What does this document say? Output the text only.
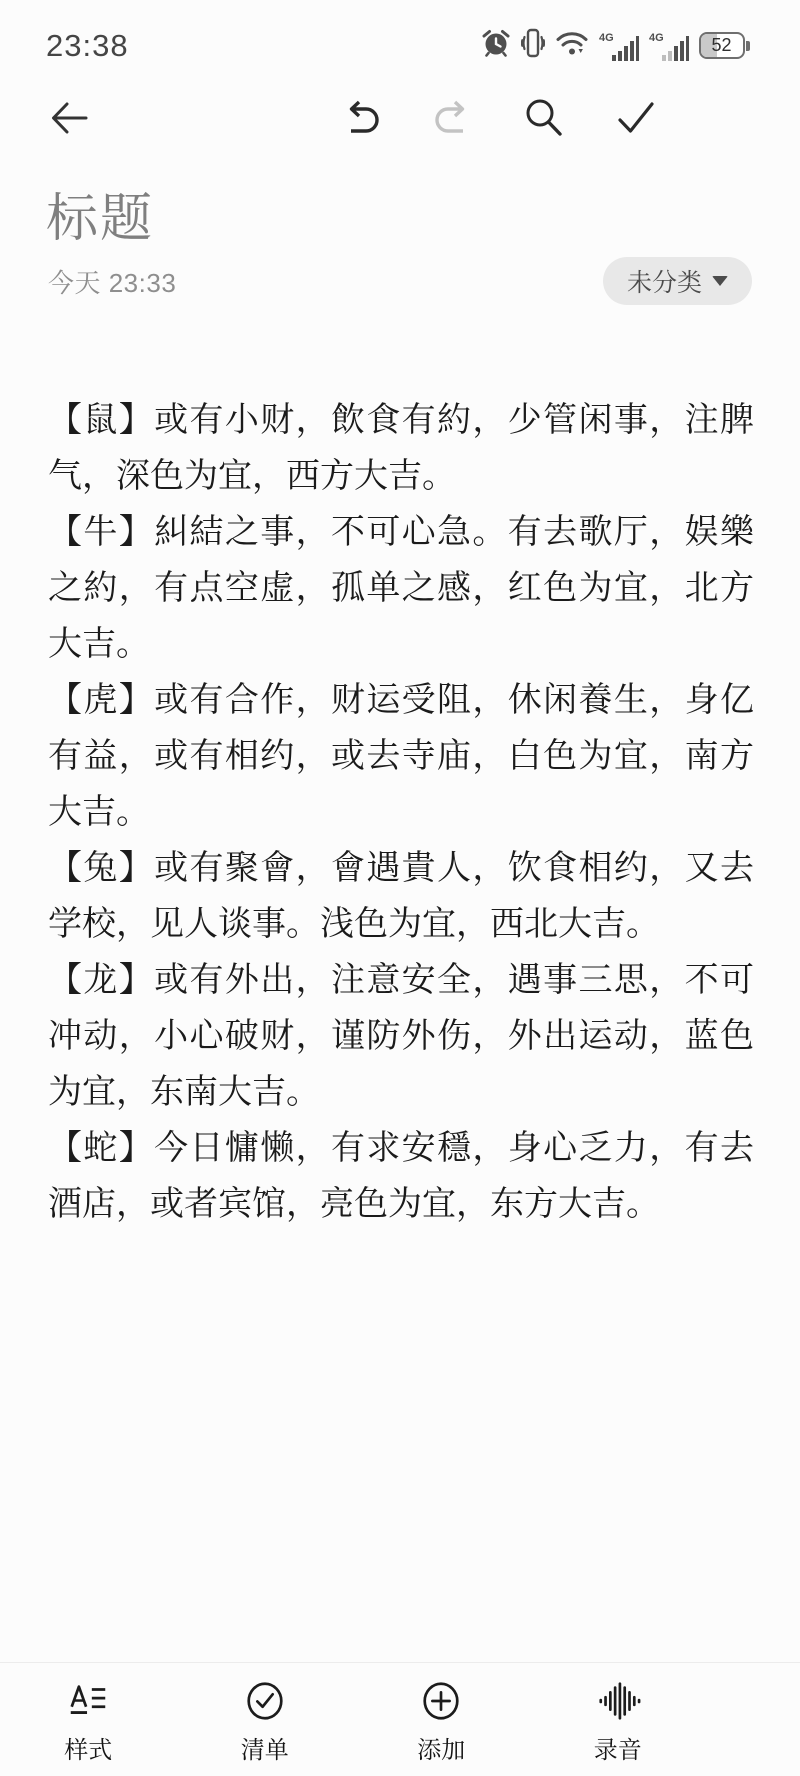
23:38	4G	4G	52
标题
今天 23:33	未分类

【鼠】或有小财，飲食有約，少管闲事，注脾气，深色为宜，西方大吉。

【牛】糾結之事，不可心急。有去歌厅，娱樂之約，有点空虚，孤单之感，红色为宜，北方大吉。

【虎】或有合作，财运受阻，休闲養生，身亿有益，或有相约，或去寺庙，白色为宜，南方大吉。

【兔】或有聚會，會遇貴人，饮食相约，又去学校，见人谈事。浅色为宜，西北大吉。

【龙】或有外出，注意安全，遇事三思，不可冲动，小心破财，谨防外伤，外出运动，蓝色为宜，东南大吉。

【蛇】今日慵懒，有求安穩，身心乏力，有去酒店，或者宾馆，亮色为宜，东方大吉。

样式	清单	添加	录音
